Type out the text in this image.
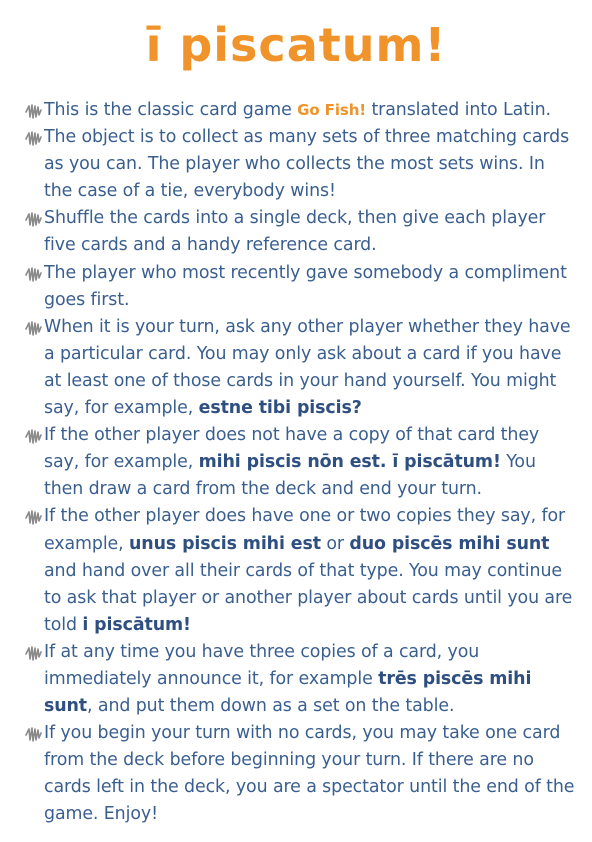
ī piscatum!
This is the classic card game Go Fish! translated into Latin.
The object is to collect as many sets of three matching cards as you can. The player who collects the most sets wins. In the case of a tie, everybody wins!
Shuffle the cards into a single deck, then give each player five cards and a handy reference card.
The player who most recently gave somebody a compliment goes first.
When it is your turn, ask any other player whether they have a particular card. You may only ask about a card if you have at least one of those cards in your hand yourself. You might say, for example, estne tibi piscis?
If the other player does not have a copy of that card they say, for example, mihi piscis nōn est. ī piscātum! You then draw a card from the deck and end your turn.
If the other player does have one or two copies they say, for example, unus piscis mihi est or duo piscēs mihi sunt and hand over all their cards of that type. You may continue to ask that player or another player about cards until you are told i piscātum!
If at any time you have three copies of a card, you immediately announce it, for example trēs piscēs mihi sunt, and put them down as a set on the table.
If you begin your turn with no cards, you may take one card from the deck before beginning your turn. If there are no cards left in the deck, you are a spectator until the end of the game. Enjoy!
